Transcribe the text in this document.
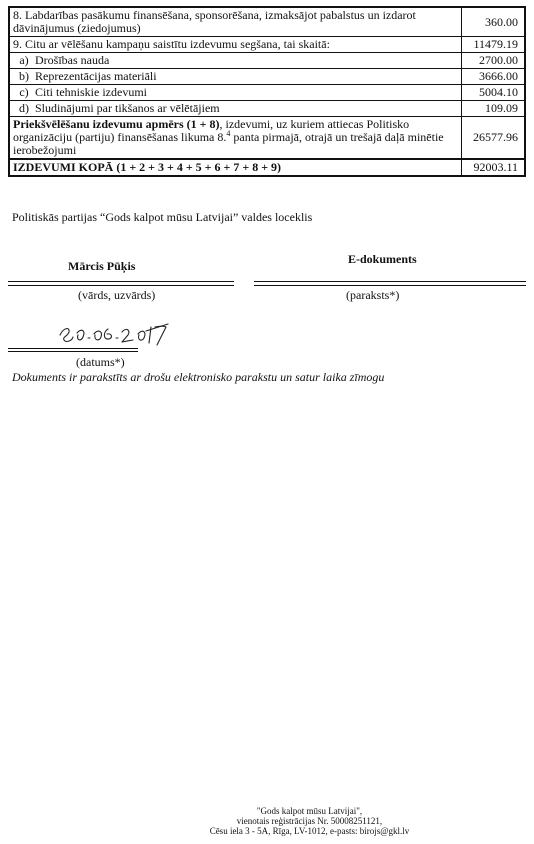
8. Labdarības pasākumu finansēšana, sponsorēšana, izmaksājot pabalstus un izdarot dāvinājumus (ziedojumus)	360.00
9. Citu ar vēlēšanu kampaņu saistītu izdevumu segšana, tai skaitā:	11479.19
a) Drošības nauda	2700.00
b) Reprezentācijas materiāli	3666.00
c) Citi tehniskie izdevumi	5004.10
d) Sludinājumi par tikšanos ar vēlētājiem	109.09
Priekšvēlēšanu izdevumu apmērs (1 + 8), izdevumi, uz kuriem attiecas Politisko organizāciju (partiju) finansēšanas likuma 8.$^4$ panta pirmajā, otrajā un trešajā daļā minētie ierobežojumi	26577.96
IZDEVUMI KOPĀ (1 + 2 + 3 + 4 + 5 + 6 + 7 + 8 + 9)	92003.11
Politiskās partijas “Gods kalpot mūsu Latvijai” valdes loceklis
Mārcis Pūķis	E-dokuments
(vārds, uzvārds)	(paraksts*)
(datums*)
Dokuments ir parakstīts ar drošu elektronisko parakstu un satur laika zīmogu
"Gods kalpot mūsu Latvijai",
vienotais reģistrācijas Nr. 50008251121,
Cēsu iela 3 - 5A, Rīga, LV-1012, e-pasts: birojs@gkl.lv
